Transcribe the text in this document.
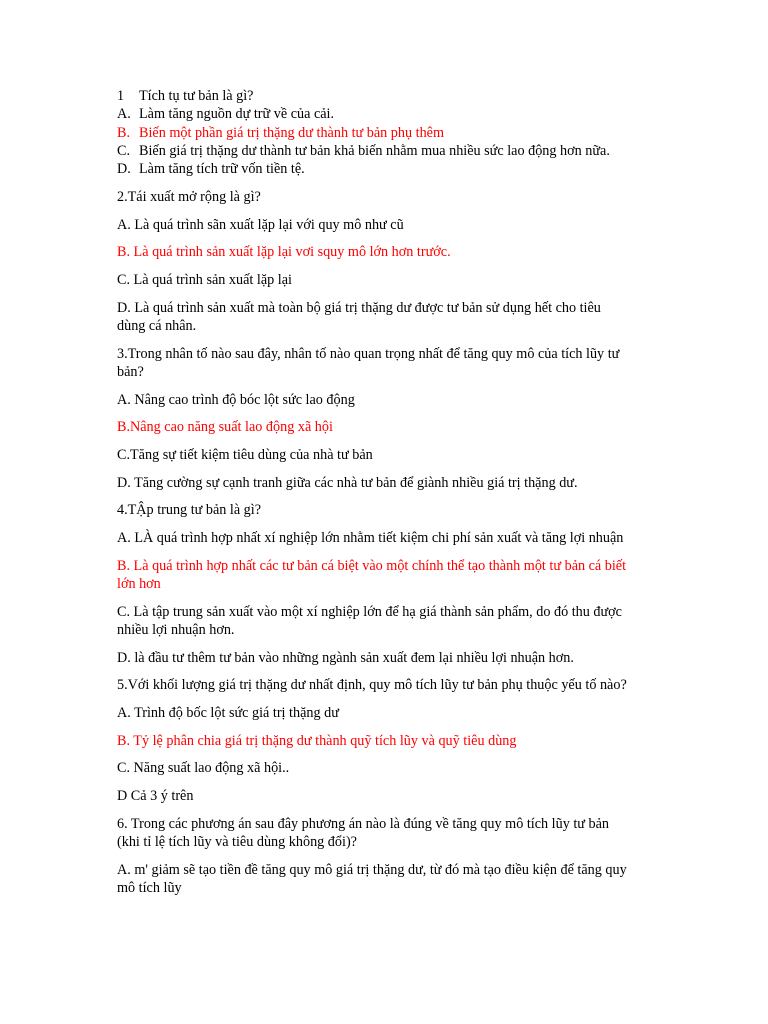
1 Tích tụ tư bản là gì?
A. Làm tăng nguồn dự trữ về của cải.
B. Biến một phần giá trị thặng dư thành tư bản phụ thêm
C. Biến giá trị thặng dư thành tư bản khả biến nhằm mua nhiều sức lao động hơn nữa.
D. Làm tăng tích trữ vốn tiền tệ.
2.Tái xuất mở rộng là gì?
A. Là quá trình sãn xuất lặp lại với quy mô như cũ
B. Là quá trình sản xuất lặp lại vơi squy mô lớn hơn trước.
C. Là quá trình sản xuất lặp lại
D. Là quá trình sản xuất mà toàn bộ giá trị thặng dư được tư bản sử dụng hết cho tiêu
dùng cá nhân.
3.Trong nhân tố nào sau đây, nhân tố nào quan trọng nhất để tăng quy mô của tích lũy tư
bản?
A. Nâng cao trình độ bóc lột sức lao động
B.Nâng cao năng suất lao động xã hội
C.Tăng sự tiết kiệm tiêu dùng của nhà tư bản
D. Tăng cường sự cạnh tranh giữa các nhà tư bản để giành nhiều giá trị thặng dư.
4.TẬp trung tư bản là gì?
A. LÀ quá trình hợp nhất xí nghiệp lớn nhằm tiết kiệm chi phí sản xuất và tăng lợi nhuận
B. Là quá trình hợp nhất các tư bản cá biệt vào một chính thể tạo thành một tư bản cá biết
lớn hơn
C. Là tập trung sản xuất vào một xí nghiệp lớn để hạ giá thành sản phẩm, do đó thu được
nhiều lợi nhuận hơn.
D. là đầu tư thêm tư bản vào những ngành sản xuất đem lại nhiều lợi nhuận hơn.
5.Với khối lượng giá trị thặng dư nhất định, quy mô tích lũy tư bản phụ thuộc yếu tố nào?
A. Trình độ bốc lột sức giá trị thặng dư
B. Tỷ lệ phân chia giá trị thặng dư thành quỹ tích lũy và quỹ tiêu dùng
C. Năng suất lao động xã hội..
D Cả 3 ý trên
6. Trong các phương án sau đây phương án nào là đúng về tăng quy mô tích lũy tư bản
(khi tỉ lệ tích lũy và tiêu dùng không đổi)?
A. m' giảm sẽ tạo tiền đề tăng quy mô giá trị thặng dư, từ đó mà tạo điều kiện để tăng quy
mô tích lũy
